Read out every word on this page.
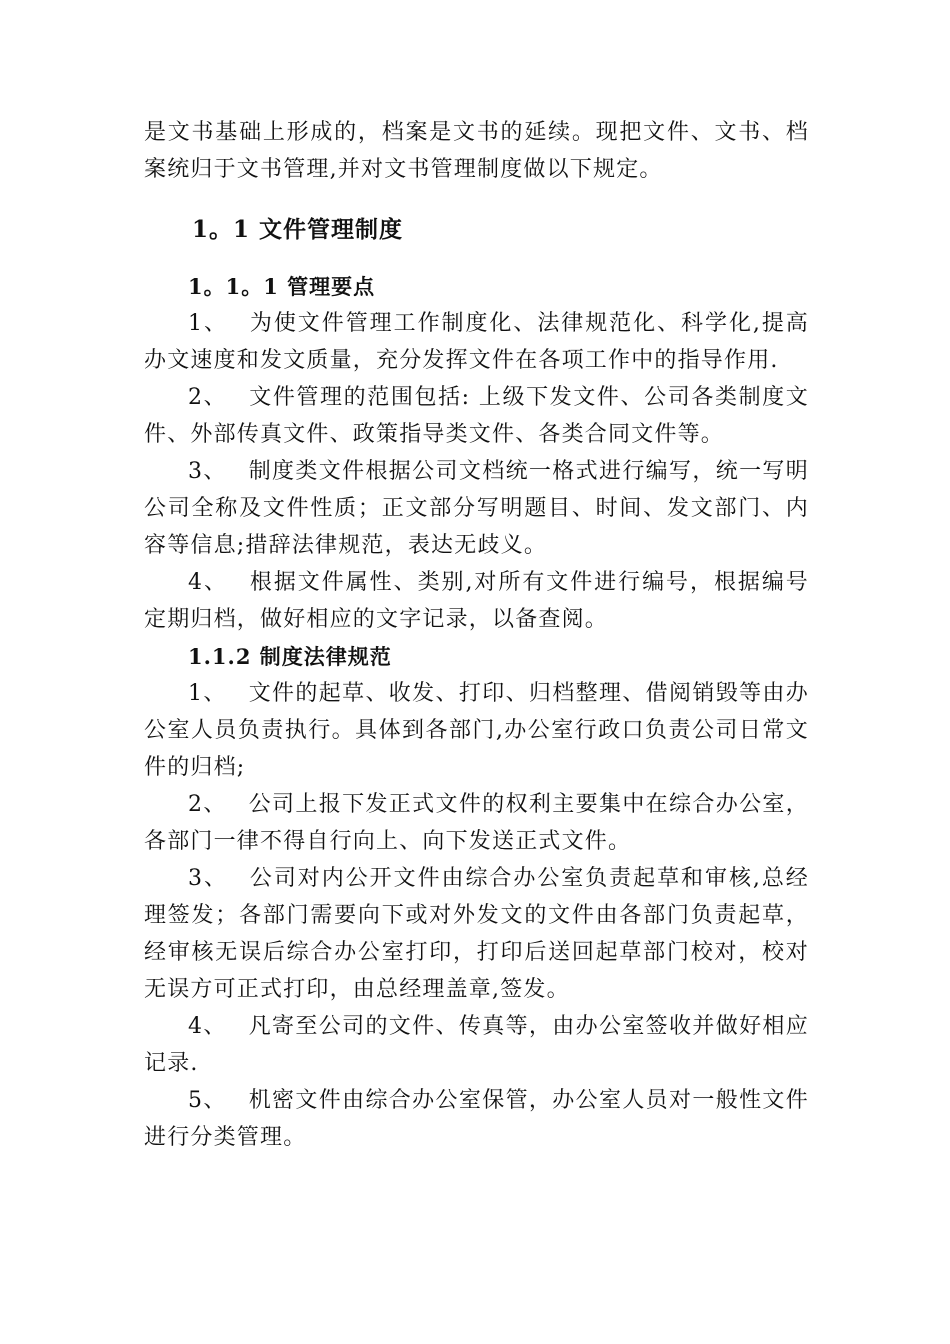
是文书基础上形成的，档案是文书的延续。现把文件、文书、档案统归于文书管理,并对文书管理制度做以下规定。

1。1 文件管理制度
1。1。1 管理要点

1、 为使文件管理工作制度化、法律规范化、科学化,提高办文速度和发文质量，充分发挥文件在各项工作中的指导作用.

2、 文件管理的范围包括: 上级下发文件、公司各类制度文件、外部传真文件、政策指导类文件、各类合同文件等。

3、 制度类文件根据公司文档统一格式进行编写，统一写明公司全称及文件性质；正文部分写明题目、时间、发文部门、内容等信息;措辞法律规范，表达无歧义。

4、 根据文件属性、类别,对所有文件进行编号，根据编号定期归档，做好相应的文字记录，以备查阅。

1.1.2 制度法律规范

1、 文件的起草、收发、打印、归档整理、借阅销毁等由办公室人员负责执行。具体到各部门,办公室行政口负责公司日常文件的归档;

2、 公司上报下发正式文件的权利主要集中在综合办公室，各部门一律不得自行向上、向下发送正式文件。

3、 公司对内公开文件由综合办公室负责起草和审核,总经理签发；各部门需要向下或对外发文的文件由各部门负责起草，经审核无误后综合办公室打印，打印后送回起草部门校对，校对无误方可正式打印，由总经理盖章,签发。

4、 凡寄至公司的文件、传真等，由办公室签收并做好相应记录.

5、 机密文件由综合办公室保管，办公室人员对一般性文件进行分类管理。
